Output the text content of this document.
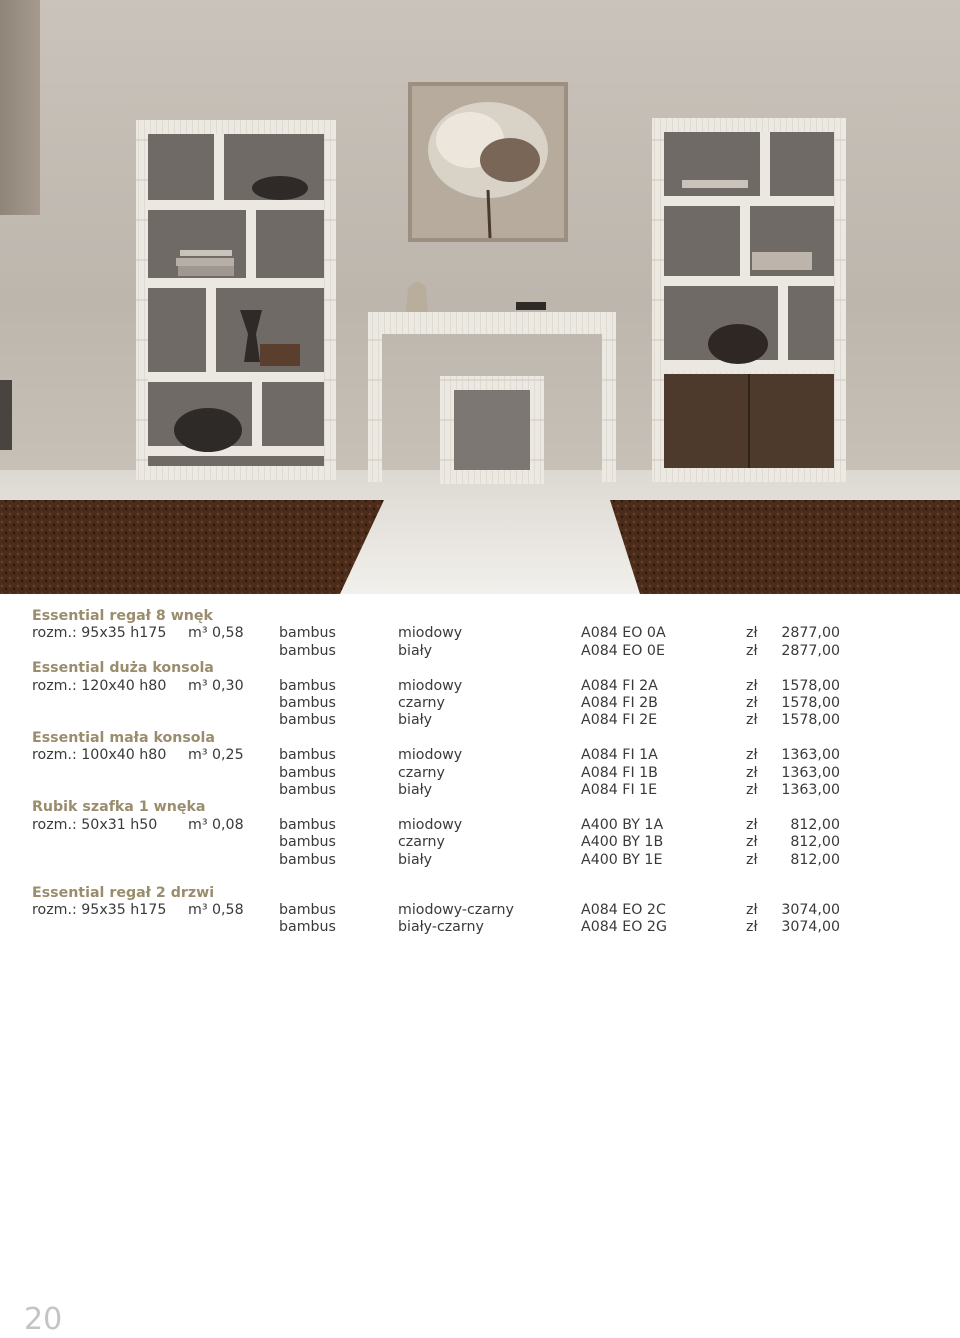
Essential regał 8 wnęk
rozm.: 95x35 h175 m³ 0,58 bambus	miodowy	A084 EO 0A	zł	2877,00
bambus	biały	A084 EO 0E	zł	2877,00
Essential duża konsola
rozm.: 120x40 h80 m³ 0,30 bambus	miodowy	A084 FI 2A	zł	1578,00
bambus	czarny	A084 FI 2B	zł	1578,00
bambus	biały	A084 FI 2E	zł	1578,00
Essential mała konsola
rozm.: 100x40 h80 m³ 0,25 bambus	miodowy	A084 FI 1A	zł	1363,00
bambus	czarny	A084 FI 1B	zł	1363,00
bambus	biały	A084 FI 1E	zł	1363,00
Rubik szafka 1 wnęka
rozm.: 50x31 h50 m³ 0,08 bambus	miodowy	A400 BY 1A	zł	812,00
bambus	czarny	A400 BY 1B	zł	812,00
bambus	biały	A400 BY 1E	zł	812,00
Essential regał 2 drzwi
rozm.: 95x35 h175 m³ 0,58 bambus	miodowy-czarny	A084 EO 2C	zł	3074,00
bambus	biały-czarny	A084 EO 2G	zł	3074,00
20
